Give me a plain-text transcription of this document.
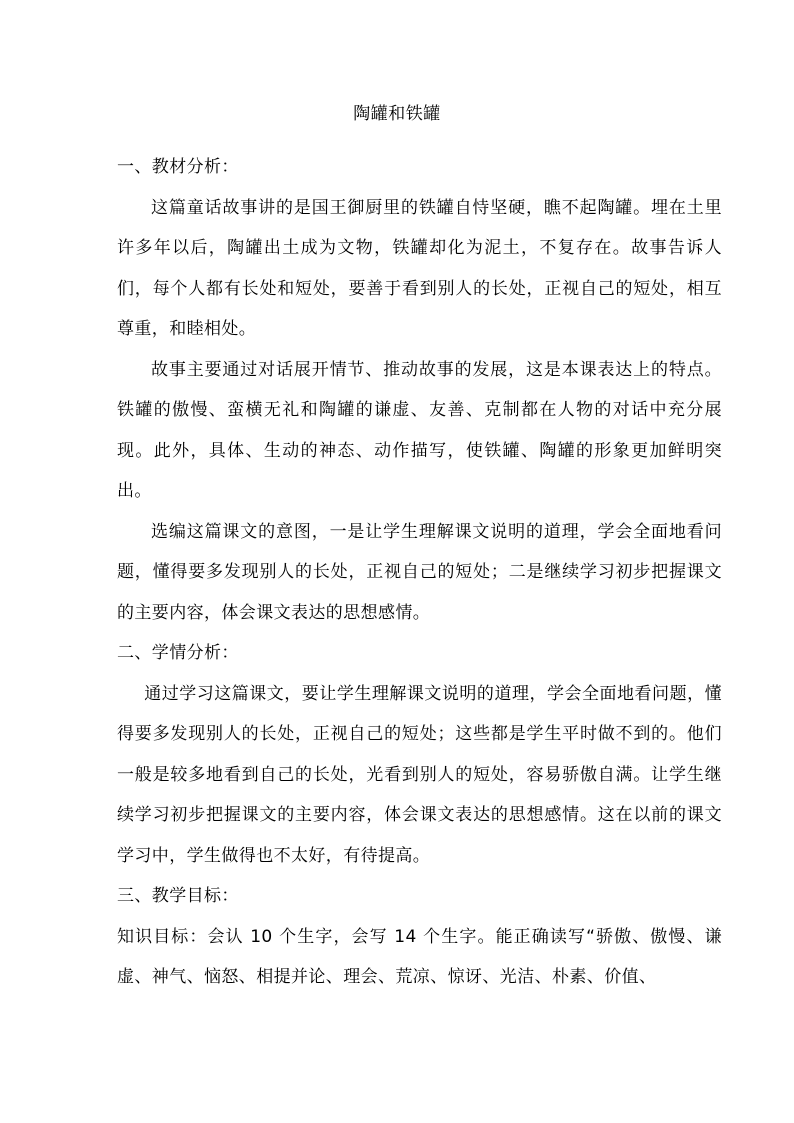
陶罐和铁罐
一、教材分析：

这篇童话故事讲的是国王御厨里的铁罐自恃坚硬，瞧不起陶罐。埋在土里许多年以后，陶罐出土成为文物，铁罐却化为泥土，不复存在。故事告诉人们，每个人都有长处和短处，要善于看到别人的长处，正视自己的短处，相互尊重，和睦相处。

故事主要通过对话展开情节、推动故事的发展，这是本课表达上的特点。铁罐的傲慢、蛮横无礼和陶罐的谦虚、友善、克制都在人物的对话中充分展现。此外，具体、生动的神态、动作描写，使铁罐、陶罐的形象更加鲜明突出。

选编这篇课文的意图，一是让学生理解课文说明的道理，学会全面地看问题，懂得要多发现别人的长处，正视自己的短处；二是继续学习初步把握课文的主要内容，体会课文表达的思想感情。

二、学情分析：

通过学习这篇课文，要让学生理解课文说明的道理，学会全面地看问题，懂得要多发现别人的长处，正视自己的短处；这些都是学生平时做不到的。他们一般是较多地看到自己的长处，光看到别人的短处，容易骄傲自满。让学生继续学习初步把握课文的主要内容，体会课文表达的思想感情。这在以前的课文学习中，学生做得也不太好，有待提高。

三、教学目标：

知识目标：会认 10 个生字，会写 14 个生字。能正确读写“骄傲、傲慢、谦虚、神气、恼怒、相提并论、理会、荒凉、惊讶、光洁、朴素、价值、
